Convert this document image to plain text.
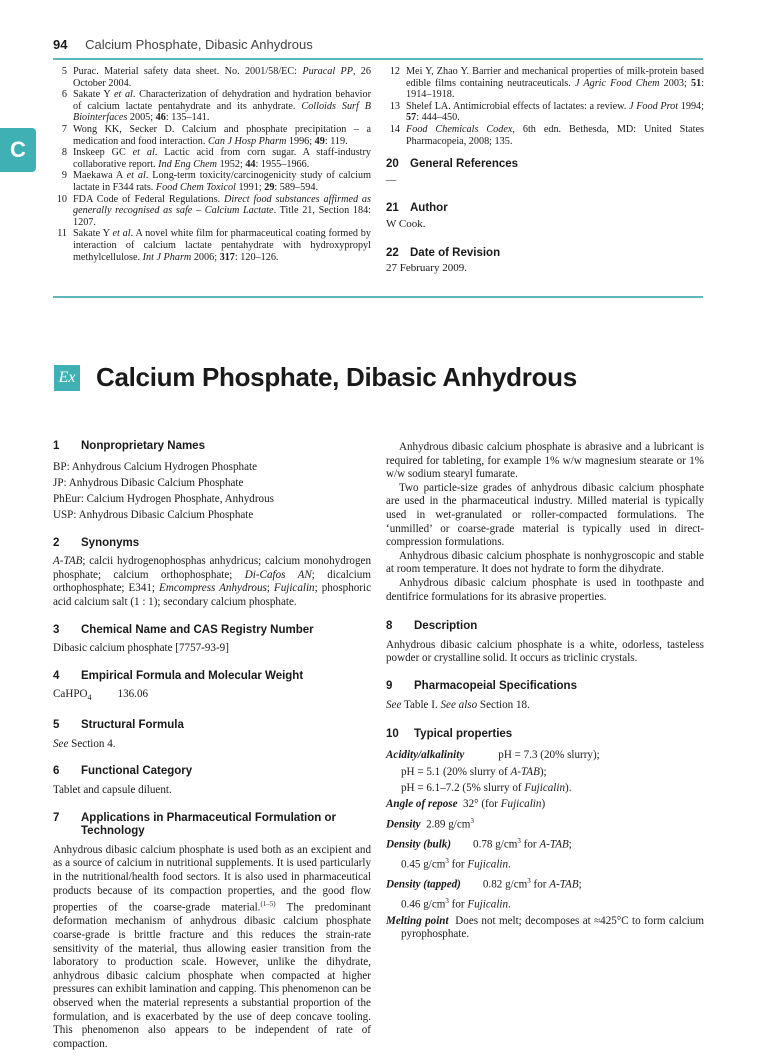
94 Calcium Phosphate, Dibasic Anhydrous
C
5 Purac. Material safety data sheet. No. 2001/58/EC: Puracal PP, 26 October 2004.
6 Sakate Y et al. Characterization of dehydration and hydration behavior of calcium lactate pentahydrate and its anhydrate. Colloids Surf B Biointerfaces 2005; 46: 135–141.
7 Wong KK, Secker D. Calcium and phosphate precipitation – a medication and food interaction. Can J Hosp Pharm 1996; 49: 119.
8 Inskeep GC et al. Lactic acid from corn sugar. A staff-industry collaborative report. Ind Eng Chem 1952; 44: 1955–1966.
9 Maekawa A et al. Long-term toxicity/carcinogenicity study of calcium lactate in F344 rats. Food Chem Toxicol 1991; 29: 589–594.
10 FDA Code of Federal Regulations. Direct food substances affirmed as generally recognised as safe – Calcium Lactate. Title 21, Section 184: 1207.
11 Sakate Y et al. A novel white film for pharmaceutical coating formed by interaction of calcium lactate pentahydrate with hydroxypropyl methylcellulose. Int J Pharm 2006; 317: 120–126.
12 Mei Y, Zhao Y. Barrier and mechanical properties of milk-protein based edible films containing neutraceuticals. J Agric Food Chem 2003; 51: 1914–1918.
13 Shelef LA. Antimicrobial effects of lactates: a review. J Food Prot 1994; 57: 444–450.
14 Food Chemicals Codex, 6th edn. Bethesda, MD: United States Pharmacopeia, 2008; 135.
20 General References
—
21 Author
W Cook.
22 Date of Revision
27 February 2009.
Ex Calcium Phosphate, Dibasic Anhydrous
1	Nonproprietary Names

BP: Anhydrous Calcium Hydrogen Phosphate

JP: Anhydrous Dibasic Calcium Phosphate

PhEur: Calcium Hydrogen Phosphate, Anhydrous

USP: Anhydrous Dibasic Calcium Phosphate

2	Synonyms

A-TAB; calcii hydrogenophosphas anhydricus; calcium monohydrogen phosphate; calcium orthophosphate; Di-Cafos AN; dicalcium orthophosphate; E341; Emcompress Anhydrous; Fujicalin; phosphoric acid calcium salt (1 : 1); secondary calcium phosphate.

3	Chemical Name and CAS Registry Number

Dibasic calcium phosphate [7757-93-9]

4	Empirical Formula and Molecular Weight

CaHPO$_4$ 136.06

5	Structural Formula

See Section 4.

6	Functional Category

Tablet and capsule diluent.

7	Applications in Pharmaceutical Formulation or Technology

Anhydrous dibasic calcium phosphate is used both as an excipient and as a source of calcium in nutritional supplements. It is used particularly in the nutritional/health food sectors. It is also used in pharmaceutical products because of its compaction properties, and the good flow properties of the coarse-grade material.$^{(1-5)}$ The predominant deformation mechanism of anhydrous dibasic calcium phosphate coarse-grade is brittle fracture and this reduces the strain-rate sensitivity of the material, thus allowing easier transition from the laboratory to production scale. However, unlike the dihydrate, anhydrous dibasic calcium phosphate when compacted at higher pressures can exhibit lamination and capping. This phenomenon can be observed when the material represents a substantial proportion of the formulation, and is exacerbated by the use of deep concave tooling. This phenomenon also appears to be independent of rate of compaction.

Anhydrous dibasic calcium phosphate is abrasive and a lubricant is required for tableting, for example 1% w/w magnesium stearate or 1% w/w sodium stearyl fumarate.

Two particle-size grades of anhydrous dibasic calcium phosphate are used in the pharmaceutical industry. Milled material is typically used in wet-granulated or roller-compacted formulations. The ‘unmilled’ or coarse-grade material is typically used in direct-compression formulations.

Anhydrous dibasic calcium phosphate is nonhygroscopic and stable at room temperature. It does not hydrate to form the dihydrate.

Anhydrous dibasic calcium phosphate is used in toothpaste and dentifrice formulations for its abrasive properties.

8	Description

Anhydrous dibasic calcium phosphate is a white, odorless, tasteless powder or crystalline solid. It occurs as triclinic crystals.

9	Pharmacopeial Specifications

See Table I. See also Section 18.

10	Typical properties

Acidity/alkalinity	pH = 7.3 (20% slurry);

pH = 5.1 (20% slurry of A-TAB);

pH = 6.1–7.2 (5% slurry of Fujicalin).

Angle of repose 32° (for Fujicalin)

Density 2.89 $g/cm^3$

Density (bulk) 0.78 $g/cm^3$ for A-TAB;

0.45 $g/cm^3$ for Fujicalin.

Density (tapped) 0.82 $g/cm^3$ for A-TAB;

0.46 $g/cm^3$ for Fujicalin.

Melting point Does not melt; decomposes at ≈425°C to form calcium pyrophosphate.
